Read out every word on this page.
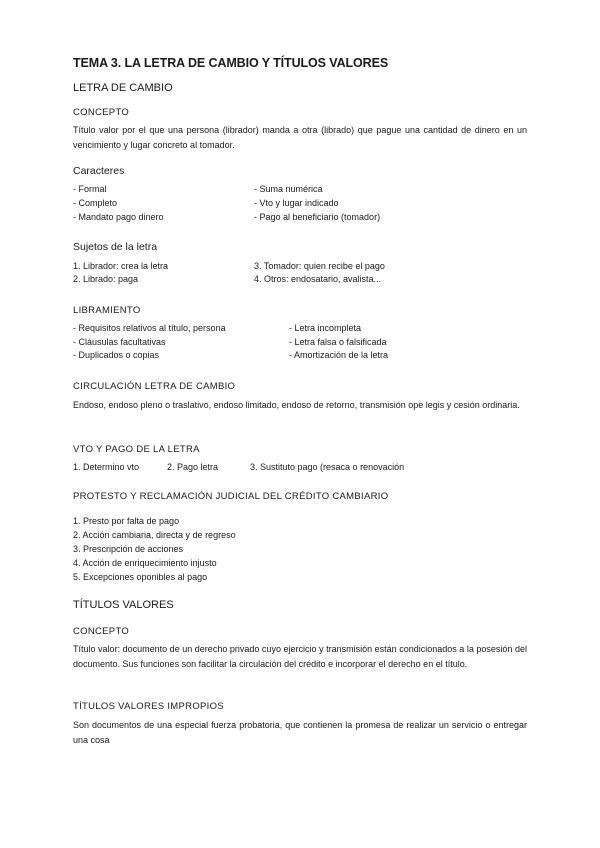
TEMA 3. LA LETRA DE CAMBIO Y TÍTULOS VALORES
LETRA DE CAMBIO
CONCEPTO
Título valor por el que una persona (librador) manda a otra (librado) que pague una cantidad de dinero en un vencimiento y lugar concreto al tomador.
Caracteres
- Formal
- Completo
- Mandato pago dinero
- Suma numérica
- Vto y lugar indicado
- Pago al beneficiario (tomador)
Sujetos de la letra
1. Librador: crea la letra
2. Librado: paga
3. Tomador: quien recibe el pago
4. Otros: endosatario, avalista...
LIBRAMIENTO
- Requisitos relativos al título, persona
- Cláusulas facultativas
- Duplicados o copias
- Letra incompleta
- Letra falsa o falsificada
- Amortización de la letra
CIRCULACIÓN LETRA DE CAMBIO
Endoso, endoso pleno o traslativo, endoso limitado, endoso de retorno, transmisión ope legis y cesión ordinaria.
VTO Y PAGO DE LA LETRA
1. Determino vto	2. Pago letra	3. Sustituto pago (resaca o renovación
PROTESTO Y RECLAMACIÓN JUDICIAL DEL CRÉDITO CAMBIARIO
1. Presto por falta de pago
2. Acción cambiaria, directa y de regreso
3. Prescripción de acciones
4. Acción de enriquecimiento injusto
5. Excepciones oponibles al pago
TÍTULOS VALORES
CONCEPTO
Título valor: documento de un derecho privado cuyo ejercicio y transmisión están condicionados a la posesión del documento. Sus funciones son facilitar la circulación del crédito e incorporar el derecho en el título.
TÍTULOS VALORES IMPROPIOS
Son documentos de una especial fuerza probatoria, que contienen la promesa de realizar un servicio o entregar una cosa
